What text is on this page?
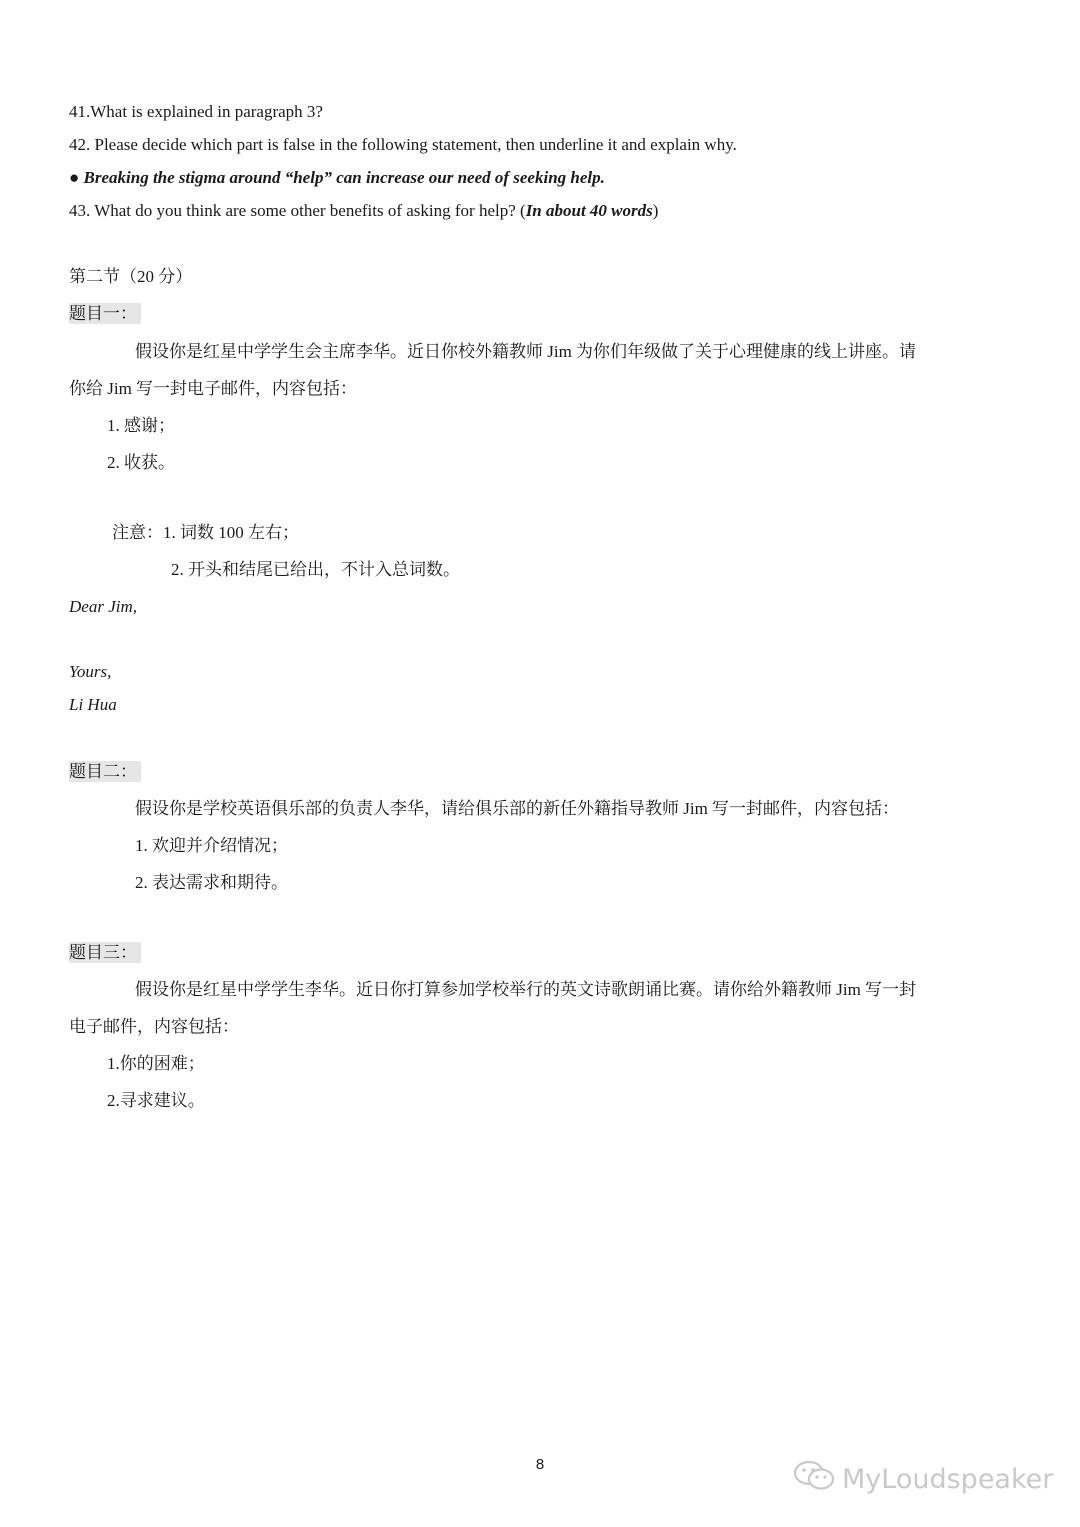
41.What is explained in paragraph 3?
42. Please decide which part is false in the following statement, then underline it and explain why.
● Breaking the stigma around “help” can increase our need of seeking help.
43. What do you think are some other benefits of asking for help? (In about 40 words)
第二节（20 分）
题目一：
假设你是红星中学学生会主席李华。近日你校外籍教师 Jim 为你们年级做了关于心理健康的线上讲座。请
你给 Jim 写一封电子邮件，内容包括：
1. 感谢；
2. 收获。
注意：1. 词数 100 左右；
2. 开头和结尾已给出，不计入总词数。
Dear Jim,
Yours,
Li Hua
题目二：
假设你是学校英语俱乐部的负责人李华，请给俱乐部的新任外籍指导教师 Jim 写一封邮件，内容包括：
1. 欢迎并介绍情况；
2. 表达需求和期待。
题目三：
假设你是红星中学学生李华。近日你打算参加学校举行的英文诗歌朗诵比赛。请你给外籍教师 Jim 写一封
电子邮件，内容包括：
1.你的困难；
2.寻求建议。
8	MyLoudspeaker
